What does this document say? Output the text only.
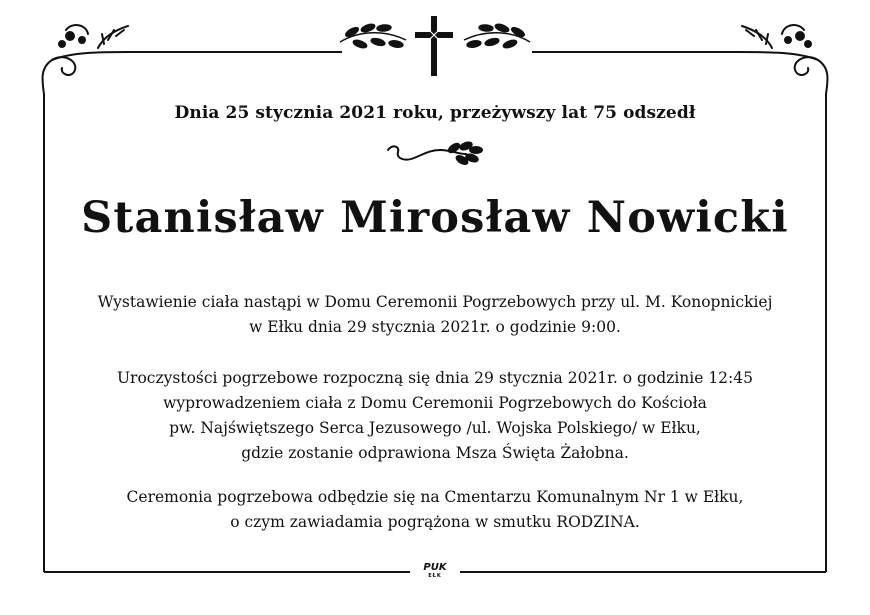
Dnia 25 stycznia 2021 roku, przeżywszy lat 75 odszedł
Stanisław Mirosław Nowicki
Wystawienie ciała nastąpi w Domu Ceremonii Pogrzebowych przy ul. M. Konopnickiej
w Ełku dnia 29 stycznia 2021r. o godzinie 9:00.
Uroczystości pogrzebowe rozpoczną się dnia 29 stycznia 2021r. o godzinie 12:45
wyprowadzeniem ciała z Domu Ceremonii Pogrzebowych do Kościoła
pw. Najświętszego Serca Jezusowego /ul. Wojska Polskiego/ w Ełku,
gdzie zostanie odprawiona Msza Święta Żałobna.
Ceremonia pogrzebowa odbędzie się na Cmentarzu Komunalnym Nr 1 w Ełku,
o czym zawiadamia pogrążona w smutku RODZINA.
PUK
EŁK
